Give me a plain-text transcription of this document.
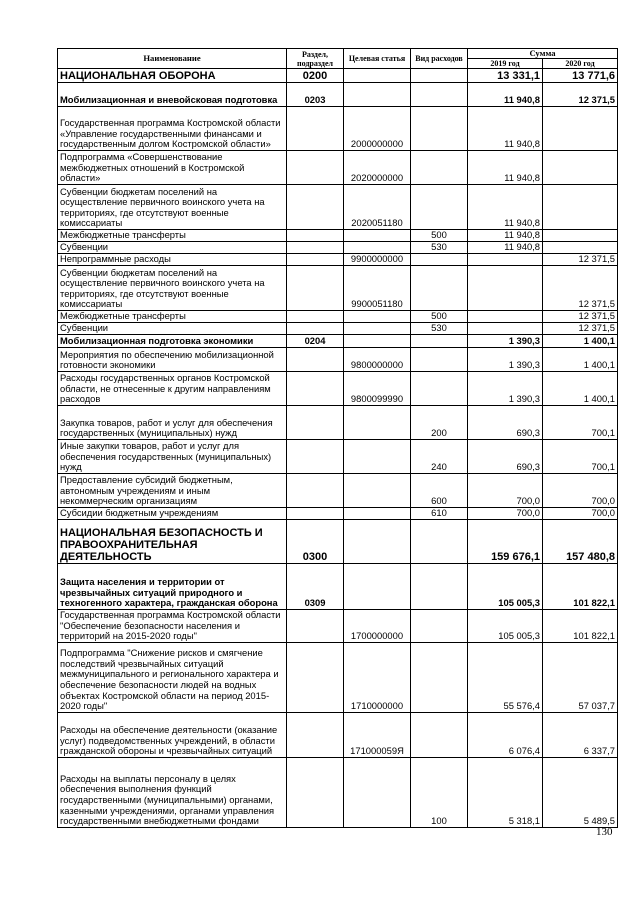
Наименование	Раздел, подраздел	Целевая статья	Вид расходов	Сумма	
				2019 год	2020 год
НАЦИОНАЛЬНАЯ ОБОРОНА	0200			13 331,1	13 771,6
Мобилизационная и вневойсковая подготовка	0203			11 940,8	12 371,5
Государственная программа Костромской области «Управление государственными финансами и государственным долгом Костромской области»		2000000000		11 940,8	
Подпрограмма «Совершенствование межбюджетных отношений в Костромской области»		2020000000		11 940,8	
Субвенции бюджетам поселений на осуществление первичного воинского учета на территориях, где отсутствуют военные комиссариаты		2020051180		11 940,8	
Межбюджетные трансферты			500	11 940,8	
Субвенции			530	11 940,8	
Непрограммные расходы		9900000000			12 371,5
Субвенции бюджетам поселений на осуществление первичного воинского учета на территориях, где отсутствуют военные комиссариаты		9900051180			12 371,5
Межбюджетные трансферты			500		12 371,5
Субвенции			530		12 371,5
Мобилизационная подготовка экономики	0204			1 390,3	1 400,1
Мероприятия по обеспечению мобилизационной готовности экономики		9800000000		1 390,3	1 400,1
Расходы государственных органов Костромской области, не отнесенные к другим направлениям расходов		9800099990		1 390,3	1 400,1
Закупка товаров, работ и услуг для обеспечения государственных (муниципальных) нужд			200	690,3	700,1
Иные закупки товаров, работ и услуг для обеспечения государственных (муниципальных) нужд			240	690,3	700,1
Предоставление субсидий бюджетным, автономным учреждениям и иным некоммерческим организациям			600	700,0	700,0
Субсидии бюджетным учреждениям			610	700,0	700,0
НАЦИОНАЛЬНАЯ БЕЗОПАСНОСТЬ И ПРАВООХРАНИТЕЛЬНАЯ ДЕЯТЕЛЬНОСТЬ	0300			159 676,1	157 480,8
Защита населения и территории от чрезвычайных ситуаций природного и техногенного характера, гражданская оборона	0309			105 005,3	101 822,1
Государственная программа Костромской области "Обеспечение безопасности населения и территорий на 2015-2020 годы"		1700000000		105 005,3	101 822,1
Подпрограмма "Снижение рисков и смягчение последствий чрезвычайных ситуаций межмуниципального и регионального характера и обеспечение безопасности людей на водных объектах Костромской области на период 2015-2020 годы"		1710000000		55 576,4	57 037,7
Расходы на обеспечение деятельности (оказание услуг) подведомственных учреждений, в области гражданской обороны и чрезвычайных ситуаций		171000059Я		6 076,4	6 337,7
Расходы на выплаты персоналу в целях обеспечения выполнения функций государственными (муниципальными) органами, казенными учреждениями, органами управления государственными внебюджетными фондами			100	5 318,1	5 489,5
130
